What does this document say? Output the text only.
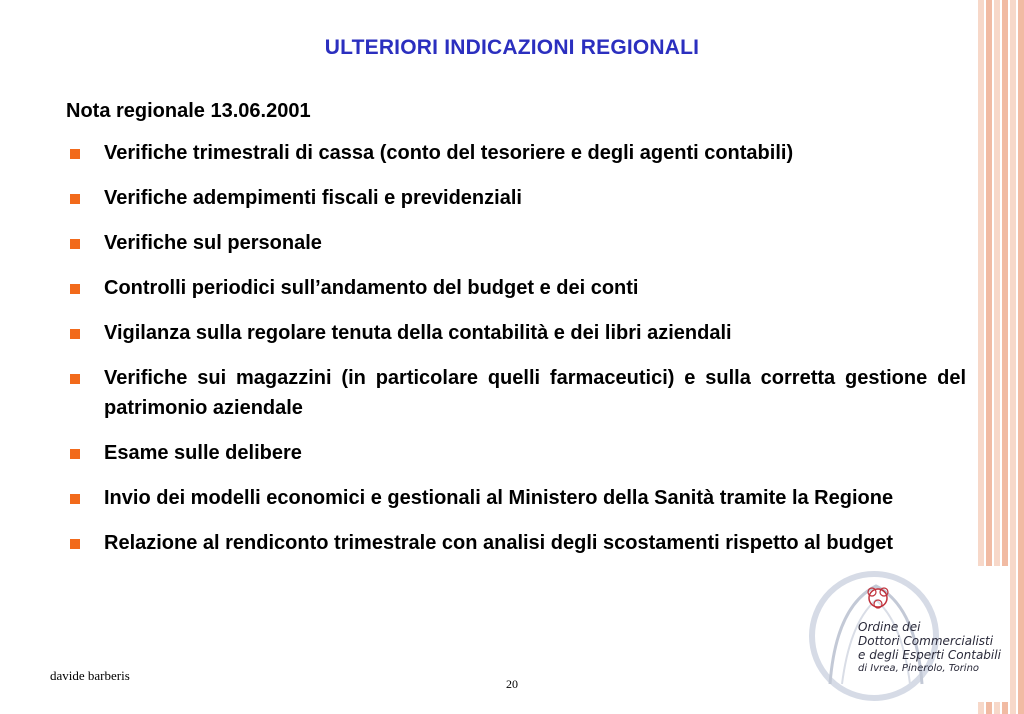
ULTERIORI INDICAZIONI REGIONALI
Nota regionale 13.06.2001
Verifiche trimestrali di cassa (conto del tesoriere e degli agenti contabili)
Verifiche adempimenti fiscali e previdenziali
Verifiche sul personale
Controlli periodici sull’andamento del budget e dei conti
Vigilanza sulla regolare tenuta della contabilità e dei libri aziendali
Verifiche sui magazzini (in particolare quelli farmaceutici) e sulla corretta gestione del patrimonio aziendale
Esame sulle delibere
Invio dei modelli economici e gestionali al Ministero della Sanità tramite la Regione
Relazione al rendiconto trimestrale con analisi degli scostamenti rispetto al budget
Ordine dei
Dottori Commercialisti
e degli Esperti Contabili
di Ivrea, Pinerolo, Torino
davide barberis
20
